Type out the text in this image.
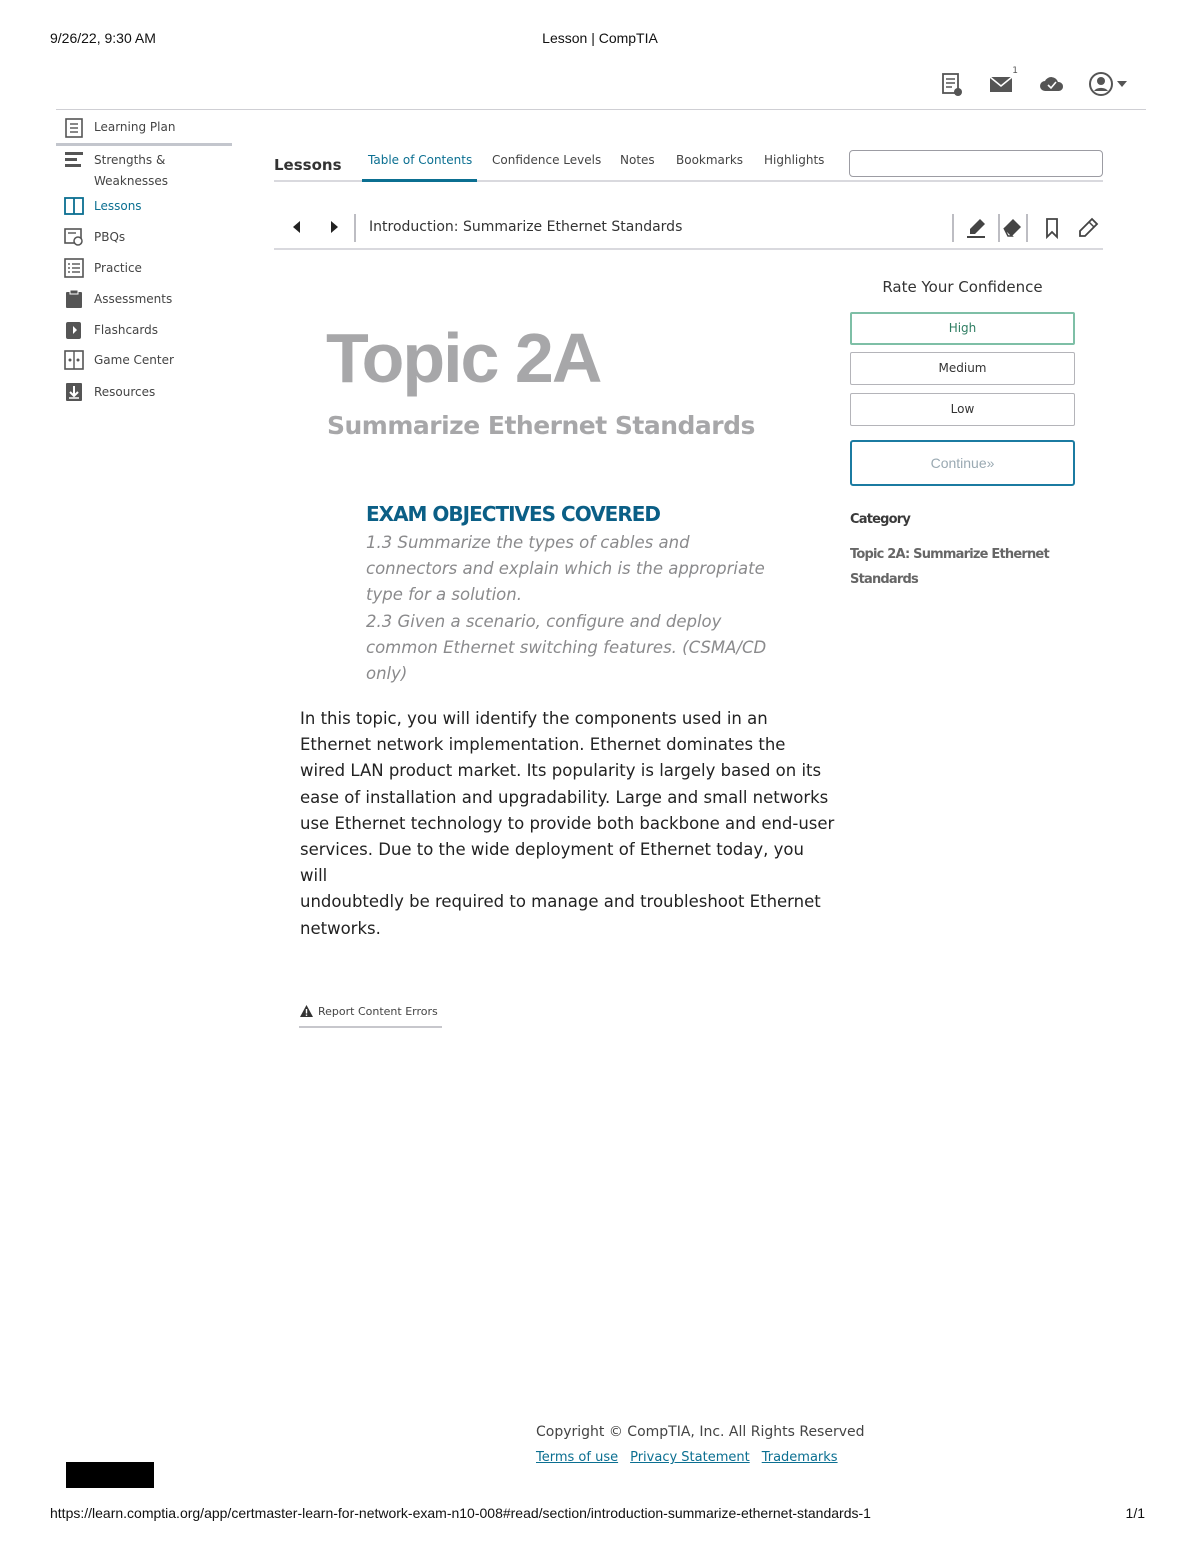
9/26/22, 9:30 AM	Lesson | CompTIA
1
Learning Plan
Strengths &
Weaknesses
Lessons
PBQs
Practice
Assessments
Flashcards
Game Center
Resources
Lessons	Table of Contents	Confidence Levels Notes Bookmarks Highlights
Introduction: Summarize Ethernet Standards
Topic 2A
Summarize Ethernet Standards
EXAM OBJECTIVES COVERED
1.3 Summarize the types of cables and
connectors and explain which is the appropriate
type for a solution.
2.3 Given a scenario, configure and deploy
common Ethernet switching features. (CSMA/CD
only)
In this topic, you will identify the components used in an
Ethernet network implementation. Ethernet dominates the
wired LAN product market. Its popularity is largely based on its
ease of installation and upgradability. Large and small networks
use Ethernet technology to provide both backbone and end-user
services. Due to the wide deployment of Ethernet today, you will
undoubtedly be required to manage and troubleshoot Ethernet
networks.
Report Content Errors
Rate Your Confidence
High
Medium
Low
Continue»
Category
Topic 2A: Summarize Ethernet
Standards
Copyright © CompTIA, Inc. All Rights Reserved
Terms of use Privacy Statement Trademarks
https://learn.comptia.org/app/certmaster-learn-for-network-exam-n10-008#read/section/introduction-summarize-ethernet-standards-1	1/1
